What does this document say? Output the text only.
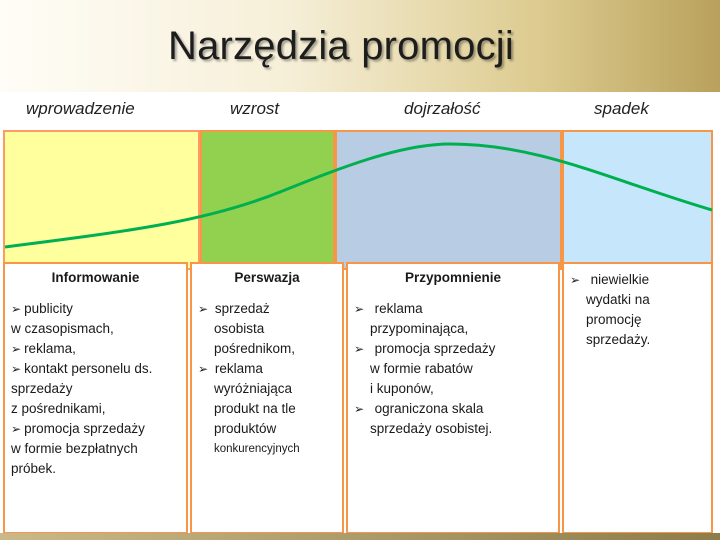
Narzędzia promocji
wprowadzenie	wzrost	dojrzałość	spadek
Informowanie
➢ publicity
w czasopismach,
➢ reklama,
➢ kontakt personelu ds.
sprzedaży
z pośrednikami,
➢ promocja sprzedaży
w formie bezpłatnych
próbek.
Perswazja
➢ sprzedaż
osobista
pośrednikom,
➢ reklama
wyróżniająca
produkt na tle
produktów
konkurencyjnych
Przypomnienie
➢ reklama
przypominająca,
➢ promocja sprzedaży
w formie rabatów
i kuponów,
➢ ograniczona skala
sprzedaży osobistej.
➢ niewielkie
wydatki na
promocję
sprzedaży.
